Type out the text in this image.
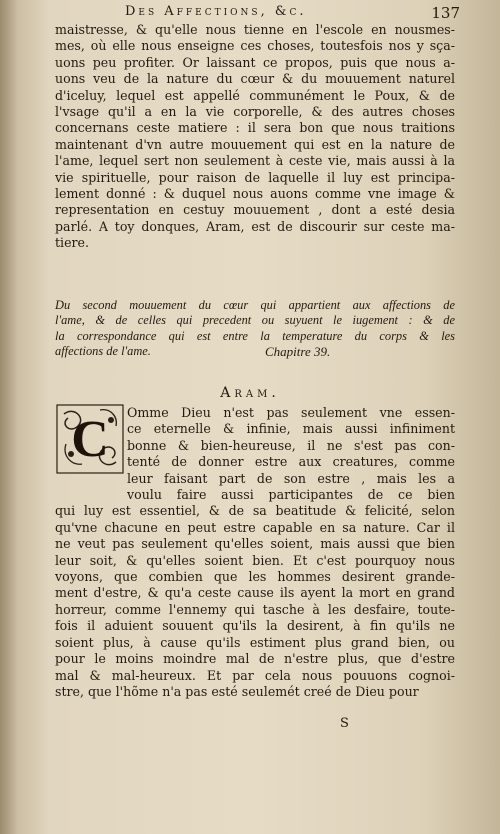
Des Affections, &c.	137
maistresse, & qu'elle nous tienne en l'escole en nousmes-
mes, où elle nous enseigne ces choses, toutesfois nos y sça-
uons peu profiter. Or laissant ce propos, puis que nous a-
uons veu de la nature du cœur & du mouuement naturel
d'iceluy, lequel est appellé communément le Poux, & de
l'vsage qu'il a en la vie corporelle, & des autres choses
concernans ceste matiere : il sera bon que nous traitions
maintenant d'vn autre mouuement qui est en la nature de
l'ame, lequel sert non seulement à ceste vie, mais aussi à la
vie spirituelle, pour raison de laquelle il luy est principa-
lement donné : & duquel nous auons comme vne image &
representation en cestuy mouuement , dont a esté desia
parlé. A toy donques, Aram, est de discourir sur ceste ma-
tiere.
Du second mouuement du cœur qui appartient aux affections de
l'ame, & de celles qui precedent ou suyuent le iugement : & de
la correspondance qui est entre la temperature du corps & les
affections de l'ame.	Chapitre 39.
Aram.
C Omme Dieu n'est pas seulement vne essen-
ce eternelle & infinie, mais aussi infiniment
bonne & bien-heureuse, il ne s'est pas con-
tenté de donner estre aux creatures, comme
leur faisant part de son estre , mais les a
voulu faire aussi participantes de ce bien
qui luy est essentiel, & de sa beatitude & felicité, selon
qu'vne chacune en peut estre capable en sa nature. Car il
ne veut pas seulement qu'elles soient, mais aussi que bien
leur soit, & qu'elles soient bien. Et c'est pourquoy nous
voyons, que combien que les hommes desirent grande-
ment d'estre, & qu'a ceste cause ils ayent la mort en grand
horreur, comme l'ennemy qui tasche à les desfaire, toute-
fois il aduient souuent qu'ils la desirent, à fin qu'ils ne
soient plus, à cause qu'ils estiment plus grand bien, ou
pour le moins moindre mal de n'estre plus, que d'estre
mal & mal-heureux. Et par cela nous pouuons cognoi-
stre, que l'hõme n'a pas esté seulemét creé de Dieu pour
S
